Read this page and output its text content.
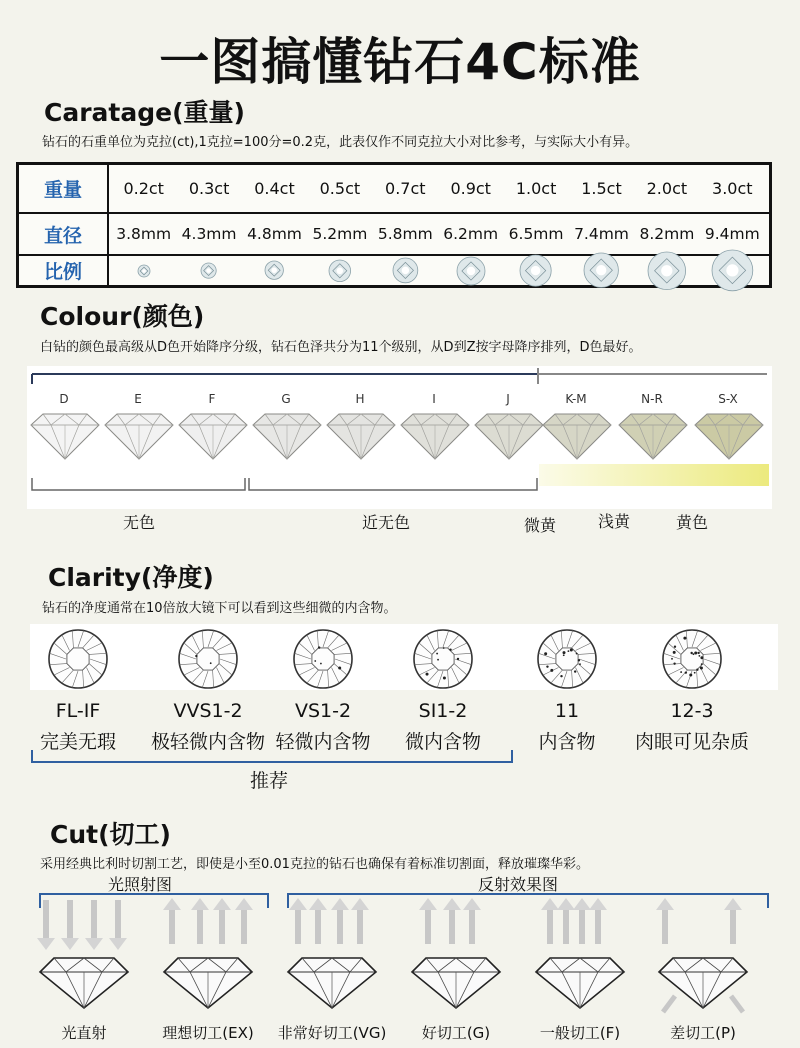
一图搞懂钻石4C标准
Caratage(重量)
钻石的石重单位为克拉(ct),1克拉=100分=0.2克，此表仅作不同克拉大小对比参考，与实际大小有异。
重量	0.2ct	0.3ct	0.4ct	0.5ct	0.7ct	0.9ct	1.0ct	1.5ct	2.0ct	3.0ct
直径	3.8mm 4.3mm 4.8mm 5.2mm 5.8mm 6.2mm 6.5mm 7.4mm 8.2mm 9.4mm
比例
Colour(颜色)
白钻的颜色最高级从D色开始降序分级，钻石色泽共分为11个级别，从D到Z按字母降序排列，D色最好。
D	E	F	G	H	I	J	K-M	N-R	S-X
无色	近无色	微黄	浅黄	黄色
Clarity(净度)
钻石的净度通常在10倍放大镜下可以看到这些细微的内含物。
FL-IF
完美无瑕
VVS1-2
极轻微内含物
VS1-2
轻微内含物
SI1-2
微内含物
11
内含物
12-3
肉眼可见杂质
推荐
Cut(切工)
采用经典比利时切割工艺，即使是小至0.01克拉的钻石也确保有着标准切割面，释放璀璨华彩。
光照射图	反射效果图
光直射	理想切工(EX)	非常好切工(VG)	好切工(G)	一般切工(F)	差切工(P)
